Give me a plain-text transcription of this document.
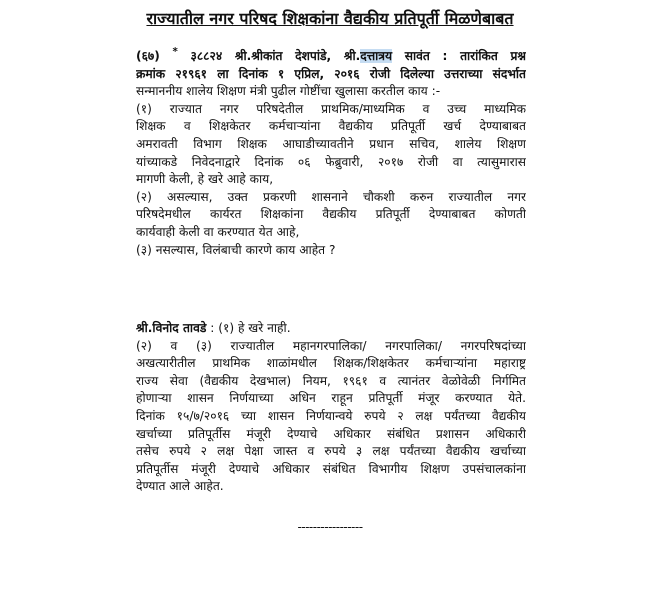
राज्यातील नगर परिषद शिक्षकांना वैद्यकीय प्रतिपूर्ती मिळणेबाबत
(६७) * ३८८२४ श्री.श्रीकांत देशपांडे, श्री.दत्तात्रय सावंत : तारांकित प्रश्न
क्रमांक २१९६१ ला दिनांक १ एप्रिल, २०१६ रोजी दिलेल्या उत्तराच्या संदर्भात
सन्माननीय शालेय शिक्षण मंत्री पुढील गोष्टींचा खुलासा करतील काय :-
(१) राज्यात नगर परिषदेतील प्राथमिक/माध्यमिक व उच्च माध्यमिक
शिक्षक व शिक्षकेतर कर्मचाऱ्यांना वैद्यकीय प्रतिपूर्ती खर्च देण्याबाबत
अमरावती विभाग शिक्षक आघाडीच्यावतीने प्रधान सचिव, शालेय शिक्षण
यांच्याकडे निवेदनाद्वारे दिनांक ०६ फेब्रुवारी, २०१७ रोजी वा त्यासुमारास
मागणी केली, हे खरे आहे काय,
(२) असल्यास, उक्त प्रकरणी शासनाने चौकशी करुन राज्यातील नगर
परिषदेमधील कार्यरत शिक्षकांना वैद्यकीय प्रतिपूर्ती देण्याबाबत कोणती
कार्यवाही केली वा करण्यात येत आहे,
(३) नसल्यास, विलंबाची कारणे काय आहेत ?
श्री.विनोद तावडे : (१) हे खरे नाही.
(२) व (३) राज्यातील महानगरपालिका/ नगरपालिका/ नगरपरिषदांच्या
अखत्यारीतील प्राथमिक शाळांमधील शिक्षक/शिक्षकेतर कर्मचाऱ्यांना महाराष्ट्र
राज्य सेवा (वैद्यकीय देखभाल) नियम, १९६१ व त्यानंतर वेळोवेळी निर्गमित
होणाऱ्या शासन निर्णयाच्या अधिन राहून प्रतिपूर्ती मंजूर करण्यात येते.
दिनांक १५/७/२०१६ च्या शासन निर्णयान्वये रुपये २ लक्ष पर्यंतच्या वैद्यकीय
खर्चाच्या प्रतिपूर्तीस मंजूरी देण्याचे अधिकार संबंधित प्रशासन अधिकारी
तसेच रुपये २ लक्ष पेक्षा जास्त व रुपये ३ लक्ष पर्यंतच्या वैद्यकीय खर्चाच्या
प्रतिपूर्तीस मंजूरी देण्याचे अधिकार संबंधित विभागीय शिक्षण उपसंचालकांना
देण्यात आले आहेत.
-----------------
